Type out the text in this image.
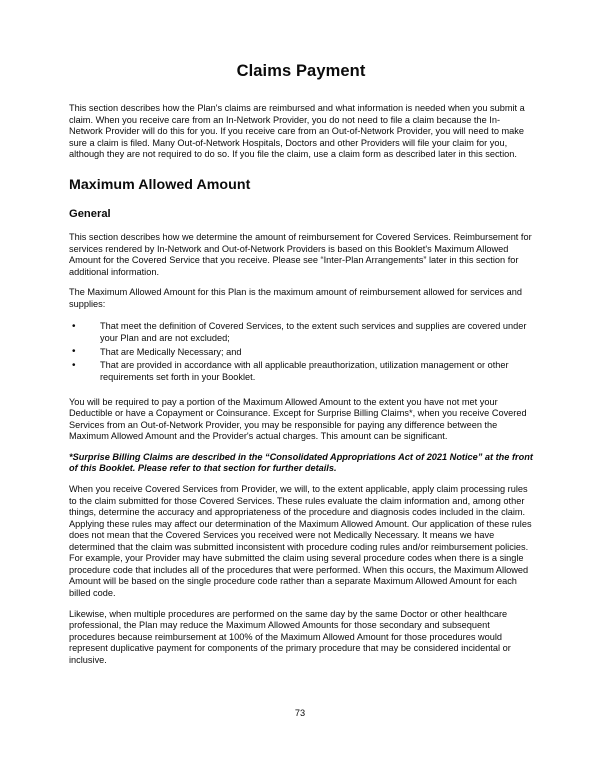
Claims Payment

This section describes how the Plan's claims are reimbursed and what information is needed when you submit a claim. When you receive care from an In-Network Provider, you do not need to file a claim because the In-Network Provider will do this for you. If you receive care from an Out-of-Network Provider, you will need to make sure a claim is filed. Many Out-of-Network Hospitals, Doctors and other Providers will file your claim for you, although they are not required to do so. If you file the claim, use a claim form as described later in this section.

Maximum Allowed Amount
General

This section describes how we determine the amount of reimbursement for Covered Services. Reimbursement for services rendered by In-Network and Out-of-Network Providers is based on this Booklet's Maximum Allowed Amount for the Covered Service that you receive. Please see “Inter-Plan Arrangements” later in this section for additional information.

The Maximum Allowed Amount for this Plan is the maximum amount of reimbursement allowed for services and supplies:

• That meet the definition of Covered Services, to the extent such services and supplies are covered under your Plan and are not excluded;
• That are Medically Necessary; and
• That are provided in accordance with all applicable preauthorization, utilization management or other requirements set forth in your Booklet.

You will be required to pay a portion of the Maximum Allowed Amount to the extent you have not met your Deductible or have a Copayment or Coinsurance. Except for Surprise Billing Claims*, when you receive Covered Services from an Out-of-Network Provider, you may be responsible for paying any difference between the Maximum Allowed Amount and the Provider's actual charges. This amount can be significant.

*Surprise Billing Claims are described in the “Consolidated Appropriations Act of 2021 Notice” at the front of this Booklet. Please refer to that section for further details.

When you receive Covered Services from Provider, we will, to the extent applicable, apply claim processing rules to the claim submitted for those Covered Services. These rules evaluate the claim information and, among other things, determine the accuracy and appropriateness of the procedure and diagnosis codes included in the claim. Applying these rules may affect our determination of the Maximum Allowed Amount. Our application of these rules does not mean that the Covered Services you received were not Medically Necessary. It means we have determined that the claim was submitted inconsistent with procedure coding rules and/or reimbursement policies. For example, your Provider may have submitted the claim using several procedure codes when there is a single procedure code that includes all of the procedures that were performed. When this occurs, the Maximum Allowed Amount will be based on the single procedure code rather than a separate Maximum Allowed Amount for each billed code.

Likewise, when multiple procedures are performed on the same day by the same Doctor or other healthcare professional, the Plan may reduce the Maximum Allowed Amounts for those secondary and subsequent procedures because reimbursement at 100% of the Maximum Allowed Amount for those procedures would represent duplicative payment for components of the primary procedure that may be considered incidental or inclusive.

73
